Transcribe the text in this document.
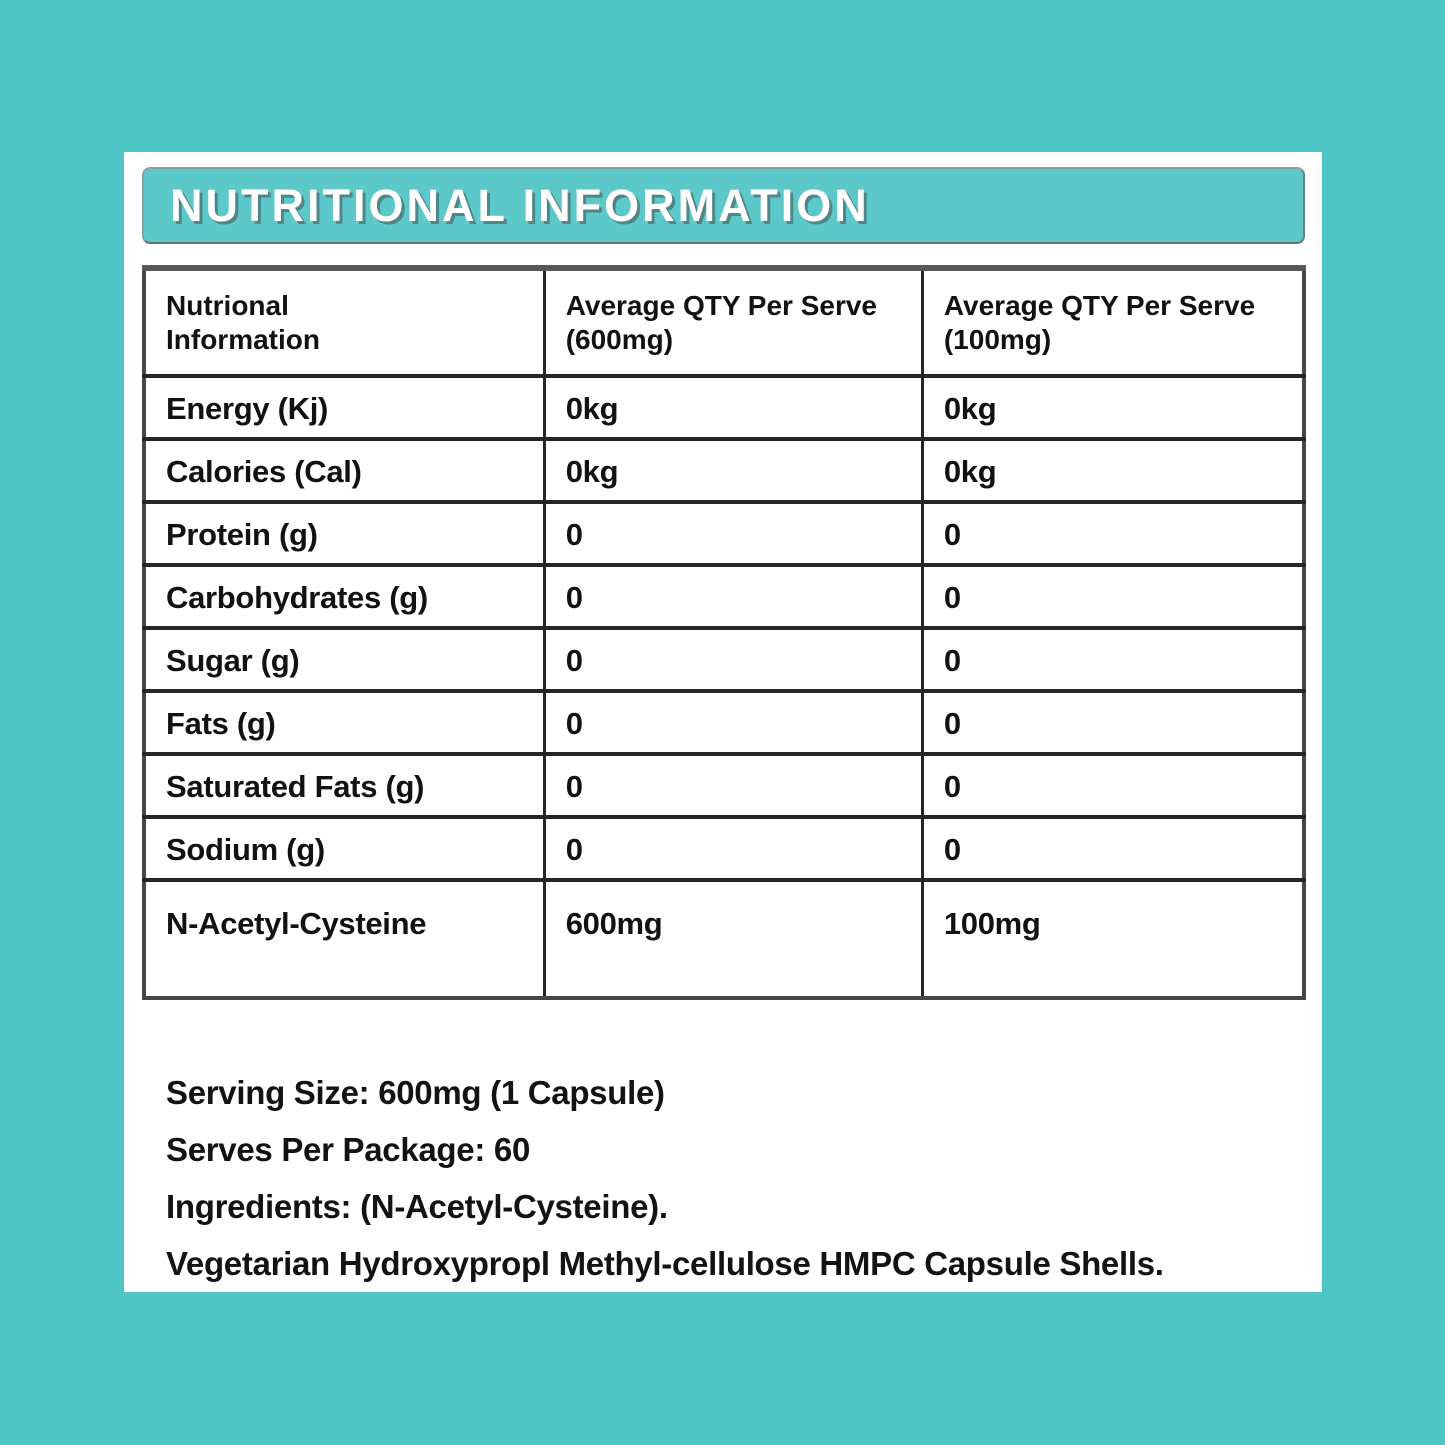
NUTRITIONAL INFORMATION
Nutrional Information	Average QTY Per Serve (600mg)	Average QTY Per Serve (100mg)
Energy (Kj)	0kg	0kg
Calories (Cal)	0kg	0kg
Protein (g)	0	0
Carbohydrates (g)	0	0
Sugar (g)	0	0
Fats (g)	0	0
Saturated Fats (g)	0	0
Sodium (g)	0	0
N-Acetyl-Cysteine	600mg	100mg
Serving Size: 600mg (1 Capsule)
Serves Per Package: 60
Ingredients: (N-Acetyl-Cysteine).
Vegetarian Hydroxypropl Methyl-cellulose HMPC Capsule Shells.
